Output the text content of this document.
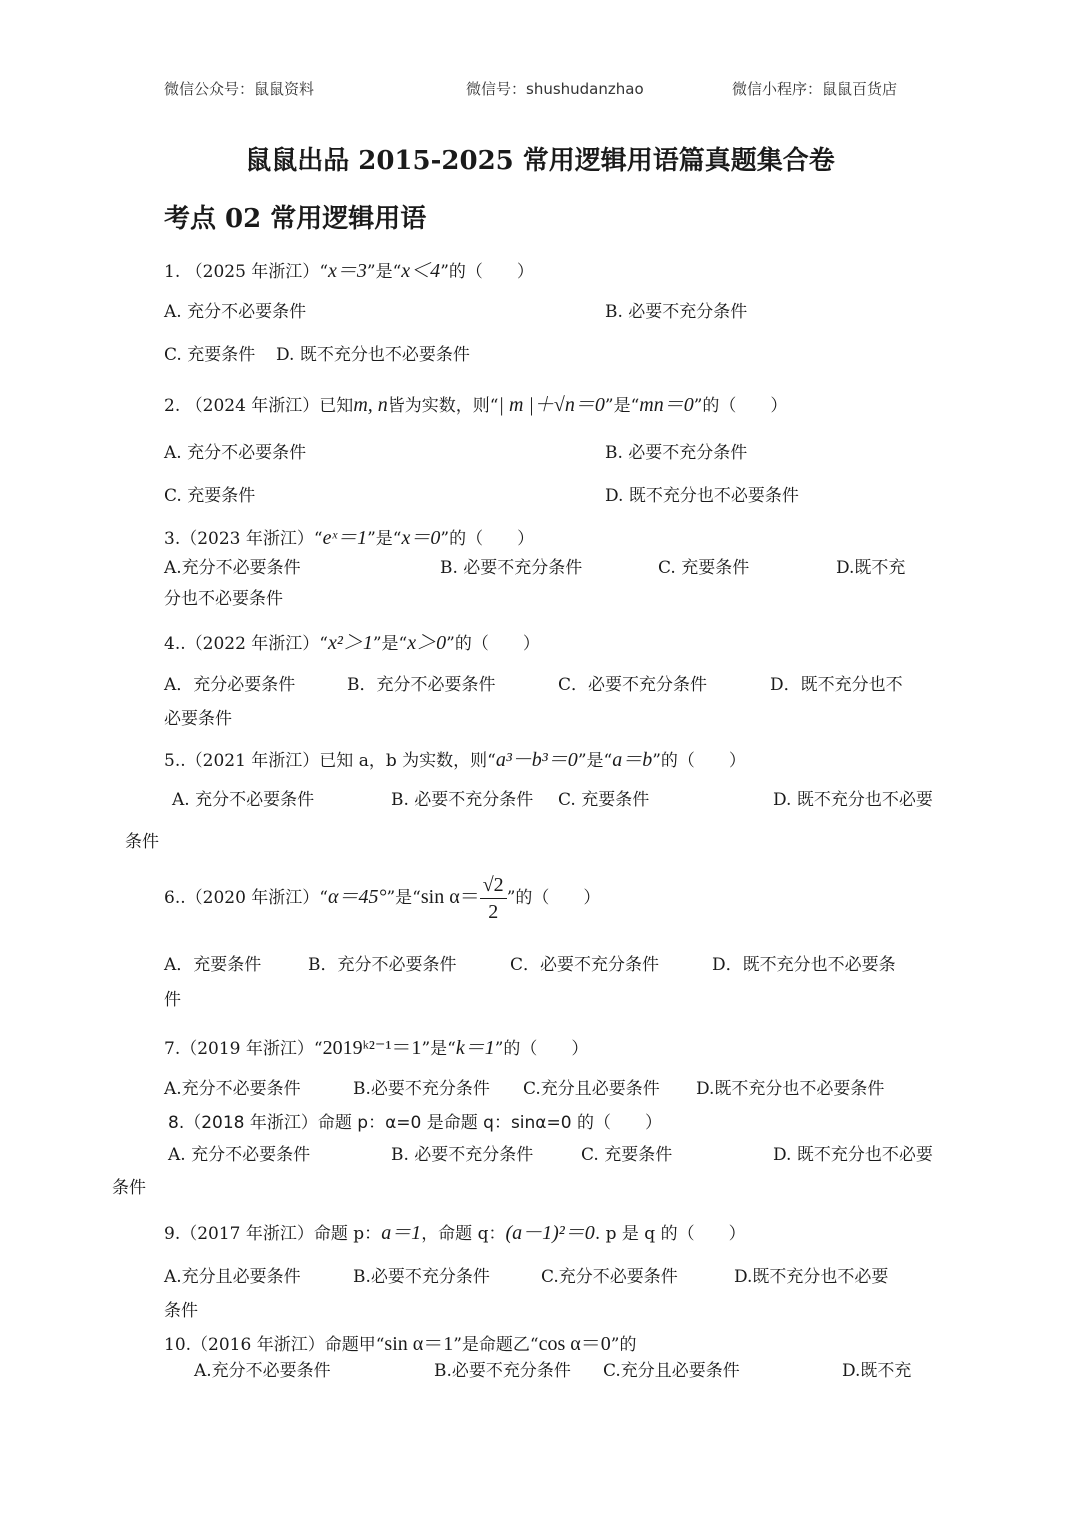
微信公众号：鼠鼠资料	微信号：shushudanzhao	微信小程序：鼠鼠百货店
鼠鼠出品 2015-2025 常用逻辑用语篇真题集合卷
考点 02 常用逻辑用语
1. （2025 年浙江）“x＝3”是“x＜4”的（　　）
A. 充分不必要条件	B. 必要不充分条件
C. 充要条件 D. 既不充分也不必要条件
2. （2024 年浙江）已知m, n皆为实数，则“| m |＋√n＝0”是“mn＝0”的（　　）
A. 充分不必要条件	B. 必要不充分条件
C. 充要条件	D. 既不充分也不必要条件
3.（2023 年浙江）“eˣ＝1”是“x＝0”的（　　）
A.充分不必要条件	B. 必要不充分条件	C. 充要条件	D.既不充
分也不必要条件
4..（2022 年浙江）“x²＞1”是“x＞0”的（　　）
A．充分必要条件	B．充分不必要条件	C．必要不充分条件	D．既不充分也不
必要条件
5..（2021 年浙江）已知 a，b 为实数，则“a³－b³＝0”是“a＝b”的（　　）
A. 充分不必要条件	B. 必要不充分条件 C. 充要条件	D. 既不充分也不必要
条件
6..（2020 年浙江）“α＝45°”是“sin $\alpha= \frac{√2}{2}$ ”的（　　）
A．充要条件	B．充分不必要条件	C．必要不充分条件	D．既不充分也不必要条
件
7.（2019 年浙江）“2019ᵏ²⁻¹＝1”是“k＝1”的（　　）
A.充分不必要条件	B.必要不充分条件 C.充分且必要条件 D.既不充分也不必要条件
8.（2018 年浙江）命题 p：α=0 是命题 q：sinα=0 的（　　）
A. 充分不必要条件	B. 必要不充分条件	C. 充要条件	D. 既不充分也不必要
条件
9.（2017 年浙江）命题 p：a＝1，命题 q：(a－1)²＝0. p 是 q 的（　　）
A.充分且必要条件	B.必要不充分条件	C.充分不必要条件	D.既不充分也不必要
条件
10.（2016 年浙江）命题甲“sin α＝1”是命题乙“cos α＝0”的
A.充分不必要条件	B.必要不充分条件 C.充分且必要条件	D.既不充
